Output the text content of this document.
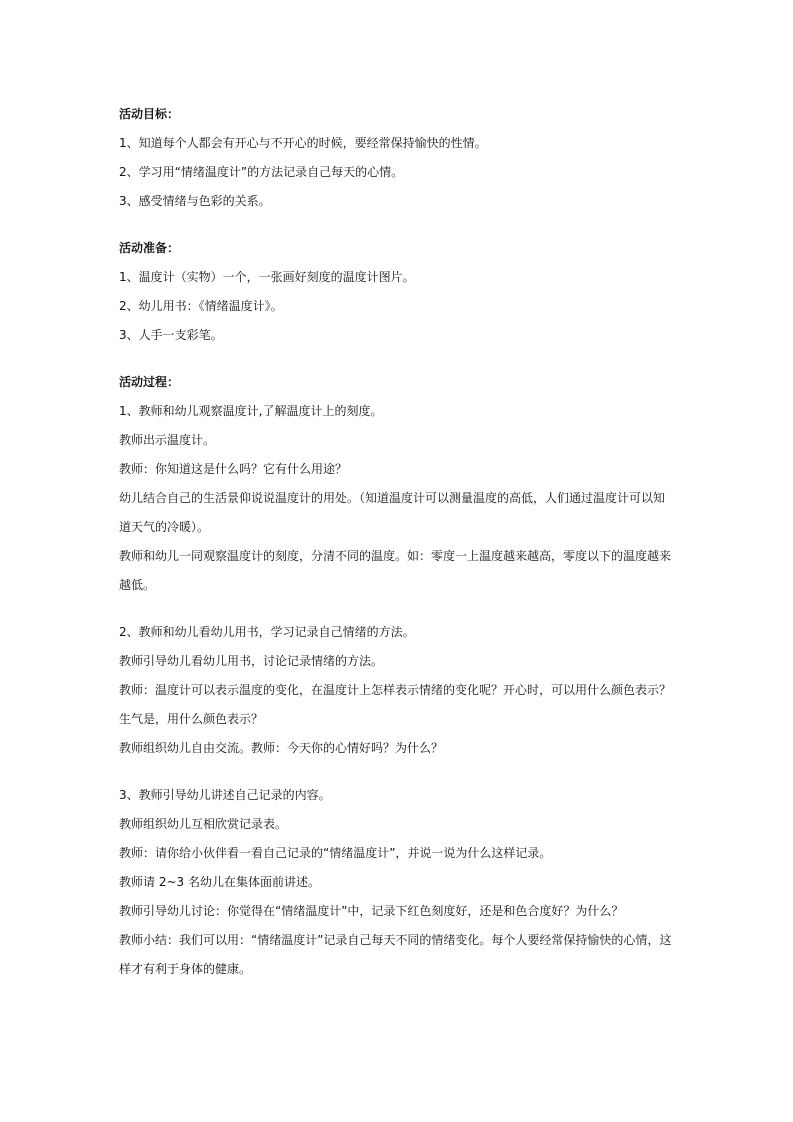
活动目标：

1、知道每个人都会有开心与不开心的时候，要经常保持愉快的性情。

2、学习用“情绪温度计”的方法记录自己每天的心情。

3、感受情绪与色彩的关系。

活动准备：

1、温度计（实物）一个，一张画好刻度的温度计图片。

2、幼儿用书：《情绪温度计》。

3、人手一支彩笔。

活动过程：

1、教师和幼儿观察温度计,了解温度计上的刻度。

教师出示温度计。

教师：你知道这是什么吗？它有什么用途？

幼儿结合自己的生活景仰说说温度计的用处。（知道温度计可以测量温度的高低，人们通过温度计可以知道天气的冷暖）。

教师和幼儿一同观察温度计的刻度，分清不同的温度。如：零度一上温度越来越高，零度以下的温度越来越低。

2、教师和幼儿看幼儿用书，学习记录自己情绪的方法。

教师引导幼儿看幼儿用书，讨论记录情绪的方法。

教师：温度计可以表示温度的变化，在温度计上怎样表示情绪的变化呢？开心时，可以用什么颜色表示？生气是，用什么颜色表示？

教师组织幼儿自由交流。教师：今天你的心情好吗？为什么？

3、教师引导幼儿讲述自己记录的内容。

教师组织幼儿互相欣赏记录表。

教师：请你给小伙伴看一看自己记录的“情绪温度计”，并说一说为什么这样记录。

教师请 2~3 名幼儿在集体面前讲述。

教师引导幼儿讨论：你觉得在“情绪温度计”中，记录下红色刻度好，还是和色合度好？为什么？

教师小结：我们可以用：“情绪温度计”记录自己每天不同的情绪变化。每个人要经常保持愉快的心情，这样才有利于身体的健康。
